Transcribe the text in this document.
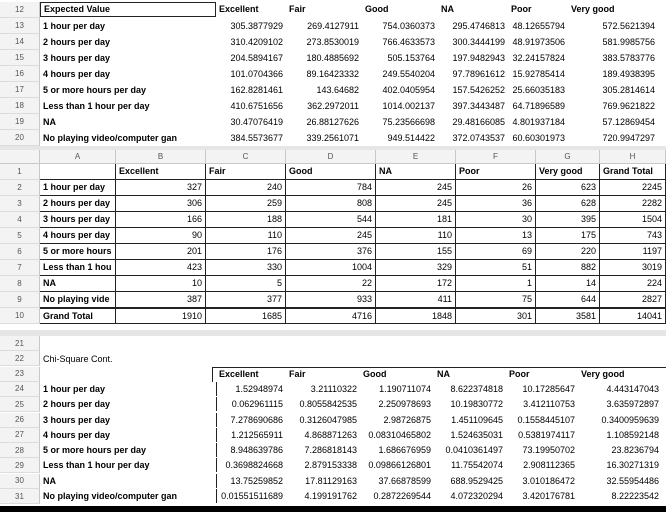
12
13
14
15
16
17
18
19
20
Expected Value	Excellent	Fair	Good	NA	Poor	Very good
1 hour per day	305.3877929	269.4127911	754.0360373	295.4746813 48.12655794	572.5621394
2 hours per day	310.4209102	273.8530019	766.4633573	300.3444199 48.91973506	581.9985756
3 hours per day	204.5894167	180.4885692	505.153764	197.9482943 32.24157824	383.5783776
4 hours per day	101.0704366	89.16423332	249.5540204	97.78961612 15.92785414	189.4938395
5 or more hours per day	162.8281461	143.64682	402.0405954	157.5426252 25.66035183	305.2814614
Less than 1 hour per day	410.6751656	362.2972011	1014.002137	397.3443487 64.71896589	769.9621822
NA	30.47076419	26.88127626	75.23566698	29.48166085 4.801937184	57.12869454
No playing video/computer gan	384.5573677	339.2561071	949.514422	372.0743537 60.60301973	720.9947297
A	B	C	D	E	F	G	H
1
2
3
4
5
6
7
8
9
10
Excellent	Fair	Good	NA	Poor	Very good	Grand Total
1 hour per day	327	240	784	245	26	623	2245
2 hours per day	306	259	808	245	36	628	2282
3 hours per day	166	188	544	181	30	395	1504
4 hours per day	90	110	245	110	13	175	743
5 or more hours	201	176	376	155	69	220	1197
Less than 1 hou	423	330	1004	329	51	882	3019
NA	10	5	22	172	1	14	224
No playing vide	387	377	933	411	75	644	2827
Grand Total	1910	1685	4716	1848	301	3581	14041
21
22
23
24
25
26
27
28
29
30
31
Chi-Square Cont.
Excellent	Fair	Good	NA	Poor	Very good
1 hour per day	1.52948974	3.21110322	1.190711074	8.622374818	10.17285647	4.443147043
2 hours per day	0.062961115	0.8055842535	2.250978693	10.19830772	3.412110753	3.635972897
3 hours per day	7.278690686	0.3126047985	2.98726875	1.451109645	0.1558445107	0.3400959639
4 hours per day	1.212565911	4.868871263	0.08310465802	1.524635031	0.5381974117	1.108592148
5 or more hours per day	8.948639786	7.286818143	1.686676959	0.0410361497	73.19950702	23.8236794
Less than 1 hour per day	0.3698824668	2.879153338	0.09866126801	11.75542074	2.908112365	16.30271319
NA	13.75259852	17.81129163	37.66878599	688.9529425	3.010186472	32.55954486
No playing video/computer gan	0.01551511689	4.199191762	0.2872269544	4.072320294	3.420176781	8.22223542
